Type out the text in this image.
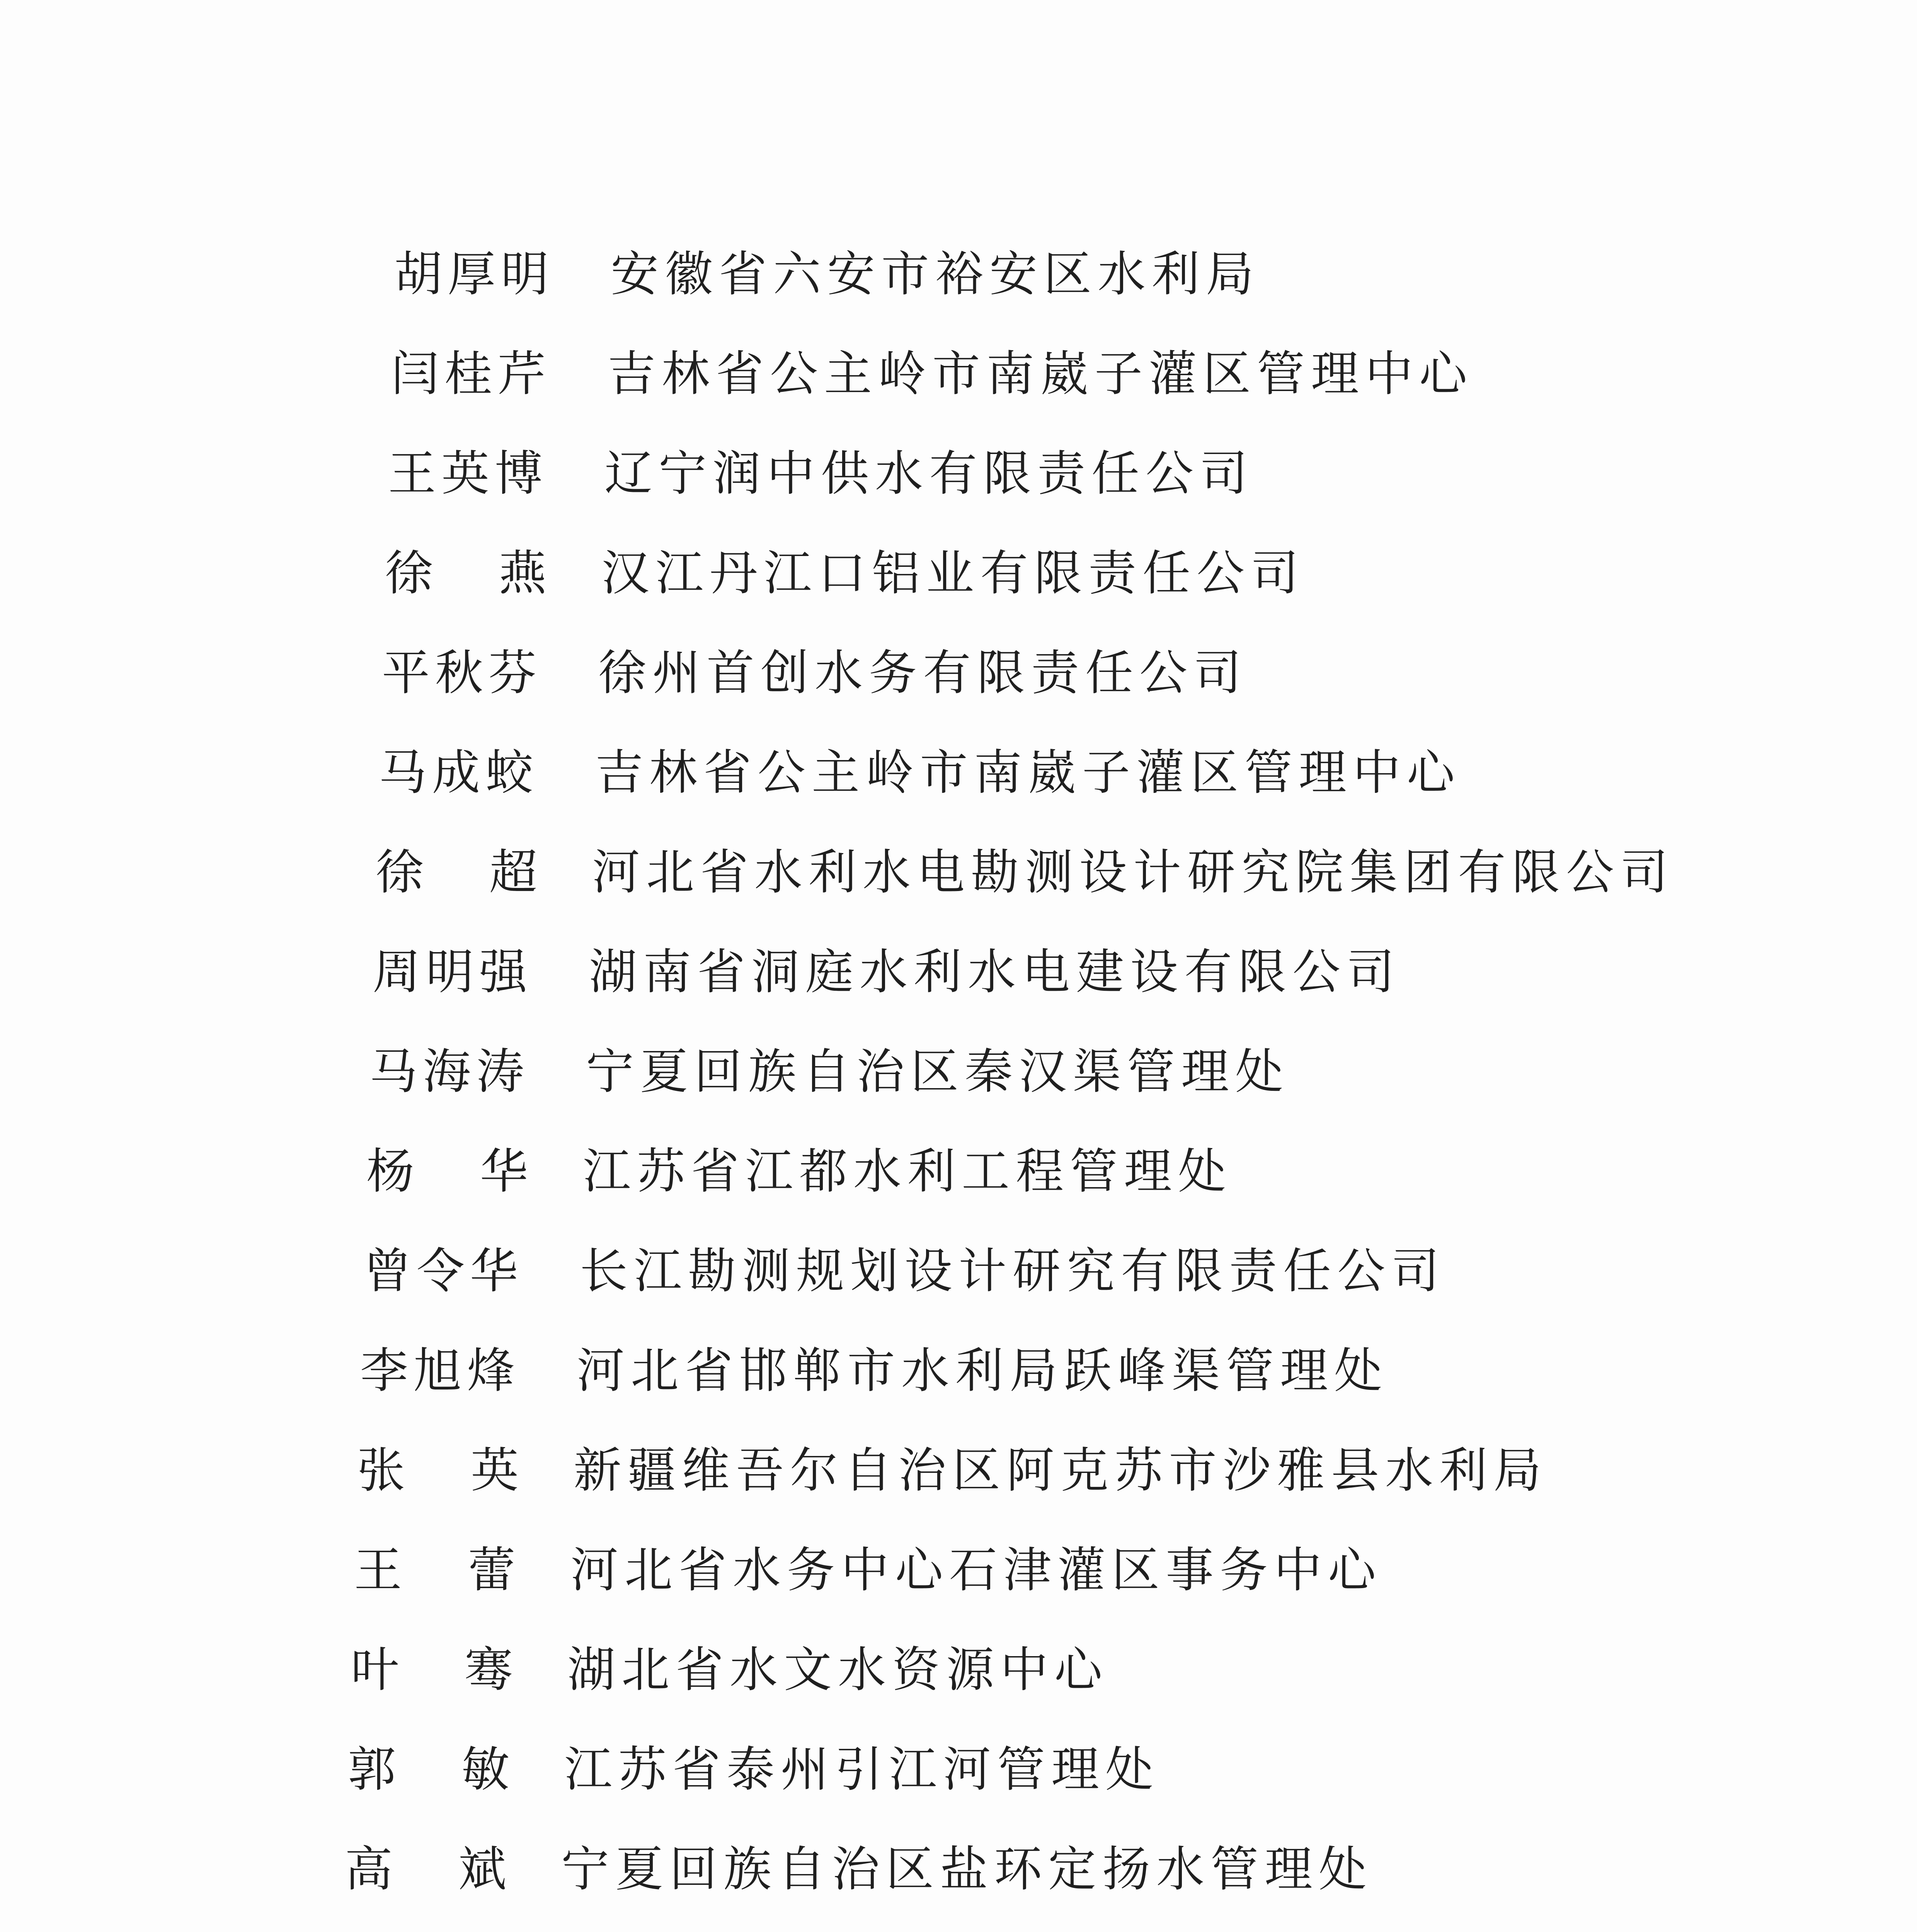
胡厚明 安徽省六安市裕安区水利局
闫桂芹 吉林省公主岭市南崴子灌区管理中心
王英博 辽宁润中供水有限责任公司
徐燕
汉江丹江口铝业有限责任公司
平秋芬 徐州首创水务有限责任公司
马成蛟 吉林省公主岭市南崴子灌区管理中心
徐超
河北省水利水电勘测设计研究院集团有限公司
周明强 湖南省洞庭水利水电建设有限公司
马海涛 宁夏回族自治区秦汉渠管理处
杨华
江苏省江都水利工程管理处
曾令华 长江勘测规划设计研究有限责任公司
李旭烽 河北省邯郸市水利局跃峰渠管理处
张英
新疆维吾尔自治区阿克苏市沙雅县水利局
王蕾
河北省水务中心石津灌区事务中心
叶骞
湖北省水文水资源中心
郭敏
江苏省泰州引江河管理处
高斌
宁夏回族自治区盐环定扬水管理处
